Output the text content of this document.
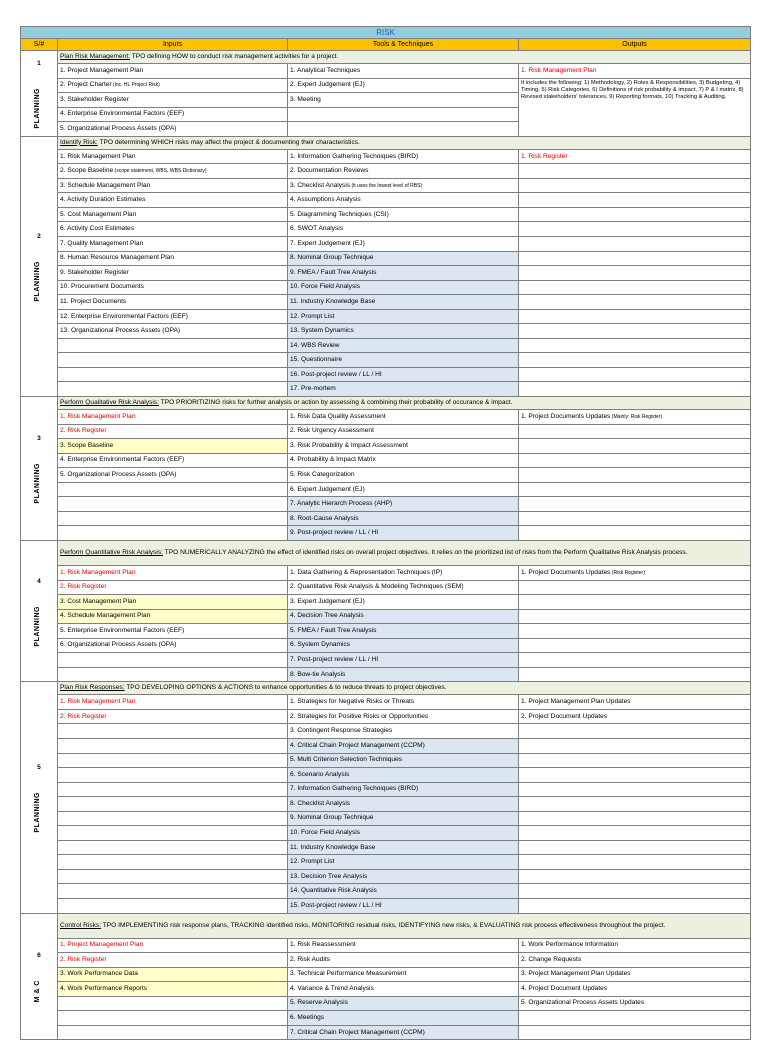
RISK			
S/#	Inputs	Tools & Techniques	Outputs

1
PLANNING	Plan Risk Management: TPO defining HOW to conduct risk management activities for a project.		
	1. Project Management Plan	1. Analytical Techniques	1. Risk Management Plan
	2. Project Charter (inc. HL Project Risk)	2. Expert Judgement (EJ)	It includes the following: 1) Methodology, 2) Roles & Responsibilities, 3) Budgeting, 4) Timing, 5) Risk Categories, 6) Definitions of risk probability & impact, 7) P & I matrix, 8) Revised stakeholders' tolerances, 9) Reporting formats, 10) Tracking & Auditing.
	3. Stakeholder Register	3. Meeting	
	4. Enterprise Environmental Factors (EEF)		
	5. Organizational Process Assets (OPA)		

2
PLANNING	Identify Risk: TPO determining WHICH risks may affect the project & documenting their characteristics.		
	1. Risk Management Plan	1. Information Gathering Techniques (BIRD)	1. Risk Register
	2. Scope Baseline (scope statement, WBS, WBS Dictionary)	2. Documentation Reviews	
	3. Schedule Management Plan	3. Checklist Analysis (it uses the lowest level of RBS)	
	4. Activity Duration Estimates	4. Assumptions Analysis	
	5. Cost Management Plan	5. Diagramming Techniques (CSI)	
	6. Activity Cost Estimates	6. SWOT Analysis	
	7. Quality Management Plan	7. Expert Judgement (EJ)	
	8. Human Resource Management Plan	8. Nominal Group Technique	
	9. Stakeholder Register	9. FMEA / Fault Tree Analysis	
	10. Procurement Documents	10. Force Field Analysis	
	11. Project Documents	11. Industry Knowledge Base	
	12. Enterprise Environmental Factors (EEF)	12. Prompt List	
	13. Organizational Process Assets (OPA)	13. System Dynamics	
		14. WBS Review	
		15. Questionnaire	
		16. Post-project review / LL / HI	
		17. Pre-mortem	

3
PLANNING	Perform Qualitative Risk Analysis: TPO PRIORITIZING risks for further analysis or action by assessing & combining their probability of occurance & impact.		
	1. Risk Management Plan	1. Risk Data Quality Assessment	1. Project Documents Updates (Mainly: Risk Register)
	2. Risk Register	2. Risk Urgency Assessment	
	3. Scope Baseline	3. Risk Probability & Impact Assessment	
	4. Enterprise Environmental Factors (EEF)	4. Probability & Impact Matrix	
	5. Organizational Process Assets (OPA)	5. Risk Categorization	
		6. Expert Judgement (EJ)	
		7. Analytic Hierarch Process (AHP)	
		8. Root-Cause Analysis	
		9. Post-project review / LL / HI	

4
PLANNING	Perform Quantitative Risk Analysis: TPO NUMERICALLY ANALYZING the effect of identified risks on overall project objectives. It relies on the prioritized list of risks from the Perform Qualitative Risk Analysis process.		
	1. Risk Management Plan	1. Data Gathering & Representation Techniques (IP)	1. Project Documents Updates (Risk Register)
	2. Risk Register	2. Quantitative Risk Analysis & Modeling Techniques (SEM)	
	3. Cost Management Plan	3. Expert Judgement (EJ)	
	4. Schedule Management Plan	4. Decision Tree Analysis	
	5. Enterprise Environmental Factors (EEF)	5. FMEA / Fault Tree Analysis	
	6. Organizational Process Assets (OPA)	6. System Dynamics	
		7. Post-project review / LL / HI	
		8. Bow-tie Analysis	

5
PLANNING	Plan Risk Responses: TPO DEVELOPING OPTIONS & ACTIONS to enhance opportunities & to reduce threats to project objectives.		
	1. Risk Management Plan	1. Strategies for Negative Risks or Threats	1. Project Management Plan Updates
	2. Risk Register	2. Strategies for Positive Risks or Opportunities	2. Project Document Updates
		3. Contingent Response Strategies	
		4. Critical Chain Project Management (CCPM)	
		5. Multi Criterion Selection Techniques	
		6. Scenario Analysis	
		7. Information Gathering Techniques (BIRD)	
		8. Checklist Analysis	
		9. Nominal Group Technique	
		10. Force Field Analysis	
		11. Industry Knowledge Base	
		12. Prompt List	
		13. Decision Tree Analysis	
		14. Quantitative Risk Analysis	
		15. Post-project review / LL / HI	

6
M & C	Control Risks: TPO IMPLEMENTING risk response plans, TRACKING identified risks, MONITORING residual risks, IDENTIFYING new risks, & EVALUATING risk process effectiveness throughout the project.		
	1. Project Management Plan	1. Risk Reassessment	1. Work Performance Information
	2. Risk Register	2. Risk Audits	2. Change Requests
	3. Work Performance Data	3. Technical Performance Measurement	3. Project Management Plan Updates
	4. Work Performance Reports	4. Variance & Trend Analysis	4. Project Document Updates
		5. Reserve Analysis	5. Organizational Process Assets Updates
		6. Meetings	
		7. Critical Chain Project Management (CCPM)	
